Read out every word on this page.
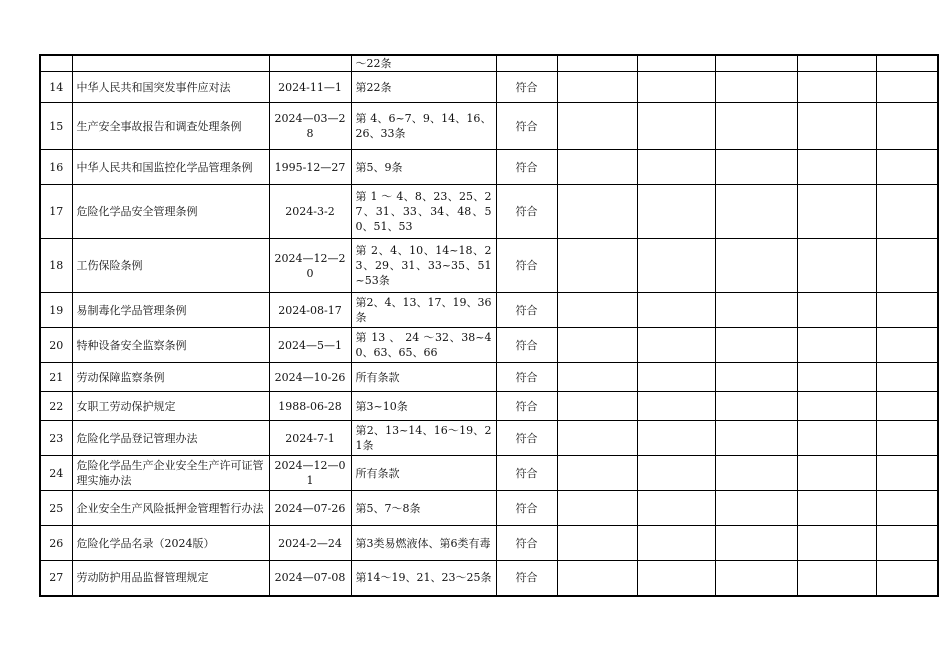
			～22条						
14	中华人民共和国突发事件应对法	2024-11—1	第22条	符合					
15	生产安全事故报告和调查处理条例	2024—03—28	第 4、6~7、9、14、16、26、33条	符合					
16	中华人民共和国监控化学品管理条例	1995-12—27	第5、9条	符合					
17	危险化学品安全管理条例	2024-3-2	第 1 ～ 4、8、23、25、27、31、33、34、48、50、51、53	符合					
18	工伤保险条例	2024—12—20	第 2、4、10、14~18、23、29、31、33~35、51~53条	符合					
19	易制毒化学品管理条例	2024-08-17	第2、4、13、17、19、36条	符合					
20	特种设备安全监察条例	2024—5—1	第 13 、 24 ～32、38~40、63、65、66	符合					
21	劳动保障监察条例	2024—10-26	所有条款	符合					
22	女职工劳动保护规定	1988-06-28	第3~10条	符合					
23	危险化学品登记管理办法	2024-7-1	第2、13~14、16～19、21条	符合					
24	危险化学品生产企业安全生产许可证管理实施办法	2024—12—01	所有条款	符合					
25	企业安全生产风险抵押金管理暂行办法	2024—07-26	第5、7～8条	符合					
26	危险化学品名录（2024版）	2024-2—24	第3类易燃液体、第6类有毒	符合					
27	劳动防护用品监督管理规定	2024—07-08	第14～19、21、23～25条	符合					
